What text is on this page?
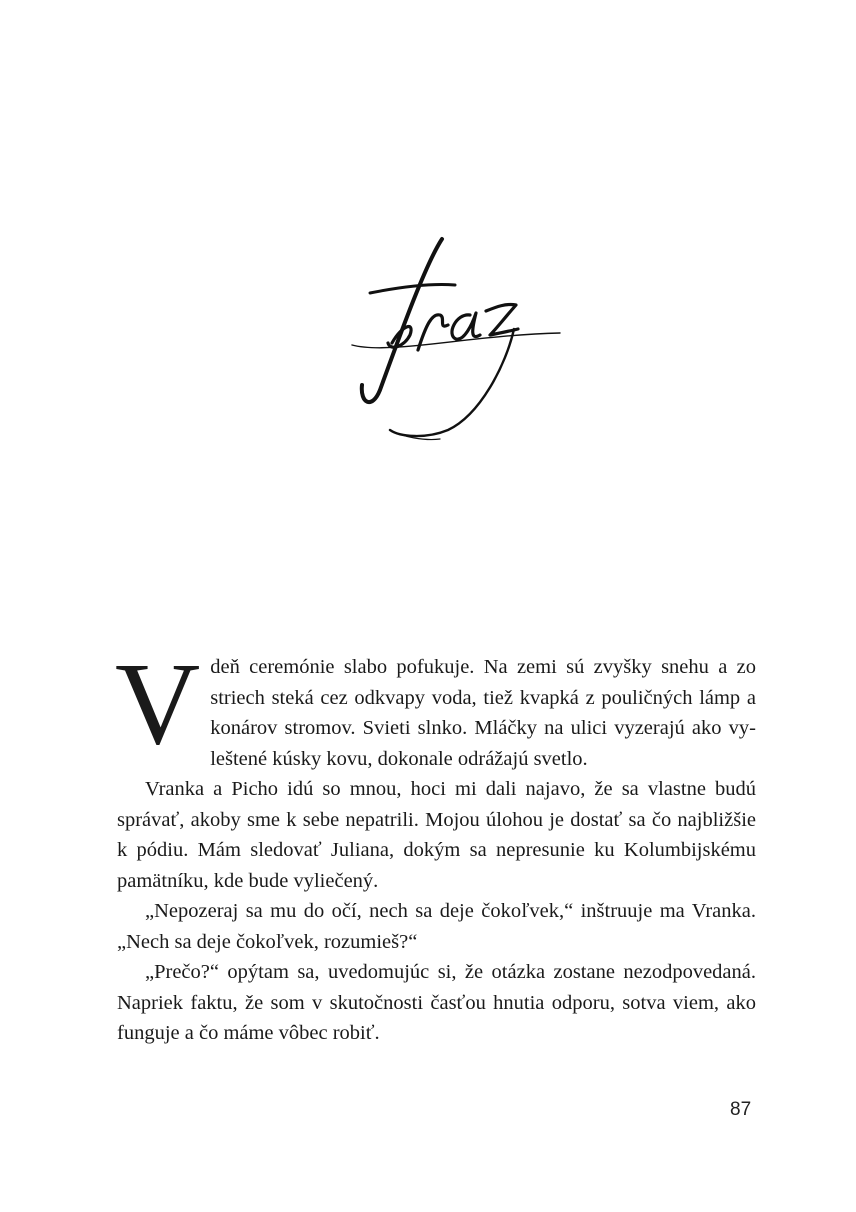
V deň ceremónie slabo pofukuje. Na zemi sú zvyšky snehu a zo striech steká cez odkvapy voda, tiež kvapká z pouličných lámp a konárov stromov. Svieti slnko. Mláčky na ulici vyzerajú ako vyleštené kúsky kovu, dokonale odrážajú svetlo.

Vranka a Picho idú so mnou, hoci mi dali najavo, že sa vlastne budú správať, akoby sme k sebe nepatrili. Mojou úlohou je dostať sa čo najbližšie k pódiu. Mám sledovať Juliana, dokým sa nepresunie ku Kolumbijskému pamätníku, kde bude vyliečený.

„Nepozeraj sa mu do očí, nech sa deje čokoľvek,“ inštruuje ma Vranka. „Nech sa deje čokoľvek, rozumieš?“

„Prečo?“ opýtam sa, uvedomujúc si, že otázka zostane nezodpovedaná. Napriek faktu, že som v skutočnosti časťou hnutia odporu, sotva viem, ako funguje a čo máme vôbec robiť.

87
